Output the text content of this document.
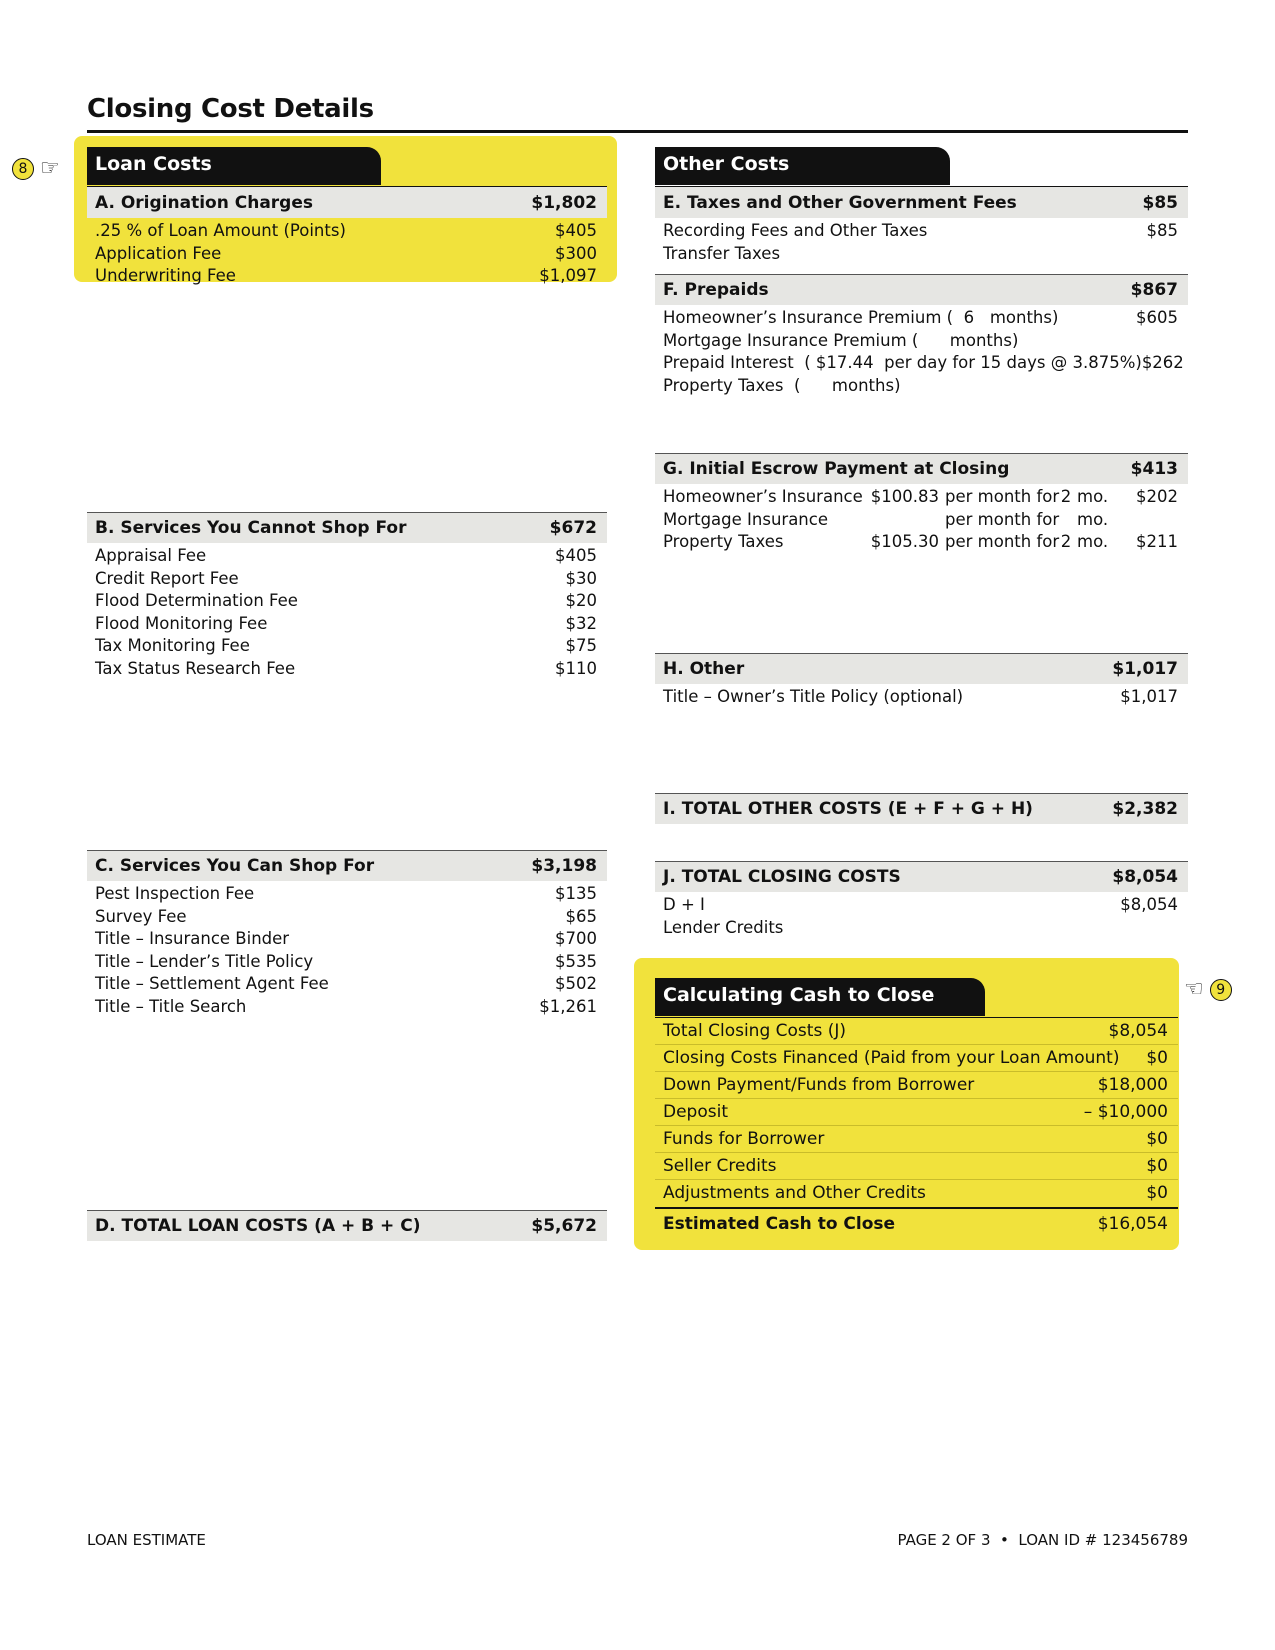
Closing Cost Details
8 ☞
☜ 9
Loan Costs
A. Origination Charges	$1,802
.25 % of Loan Amount (Points)	$405
Application Fee	$300
Underwriting Fee	$1,097
B. Services You Cannot Shop For	$672
Appraisal Fee	$405
Credit Report Fee	$30
Flood Determination Fee	$20
Flood Monitoring Fee	$32
Tax Monitoring Fee	$75
Tax Status Research Fee	$110
C. Services You Can Shop For	$3,198
Pest Inspection Fee	$135
Survey Fee	$65
Title – Insurance Binder	$700
Title – Lender’s Title Policy	$535
Title – Settlement Agent Fee	$502
Title – Title Search	$1,261
D. TOTAL LOAN COSTS (A + B + C)	$5,672
Other Costs
E. Taxes and Other Government Fees	$85
Recording Fees and Other Taxes	$85
Transfer Taxes
F. Prepaids	$867
Homeowner’s Insurance Premium (  6   months)	$605
Mortgage Insurance Premium (      months)
Prepaid Interest  ( $17.44  per day for 15 days @ 3.875%) $262
Property Taxes  (      months)
G. Initial Escrow Payment at Closing	$413
Homeowner’s Insurance $100.83 per month for 2 mo.	$202
Mortgage Insurance	per month for mo.
Property Taxes	$105.30 per month for 2 mo.	$211
H. Other	$1,017
Title – Owner’s Title Policy (optional)	$1,017
I. TOTAL OTHER COSTS (E + F + G + H)	$2,382
J. TOTAL CLOSING COSTS	$8,054
D + I	$8,054
Lender Credits
Calculating Cash to Close
Total Closing Costs (J)	$8,054
Closing Costs Financed (Paid from your Loan Amount) $0
Down Payment/Funds from Borrower	$18,000
Deposit	– $10,000
Funds for Borrower	$0
Seller Credits	$0
Adjustments and Other Credits	$0
Estimated Cash to Close	$16,054
LOAN ESTIMATE	PAGE 2 OF 3  •  LOAN ID # 123456789
